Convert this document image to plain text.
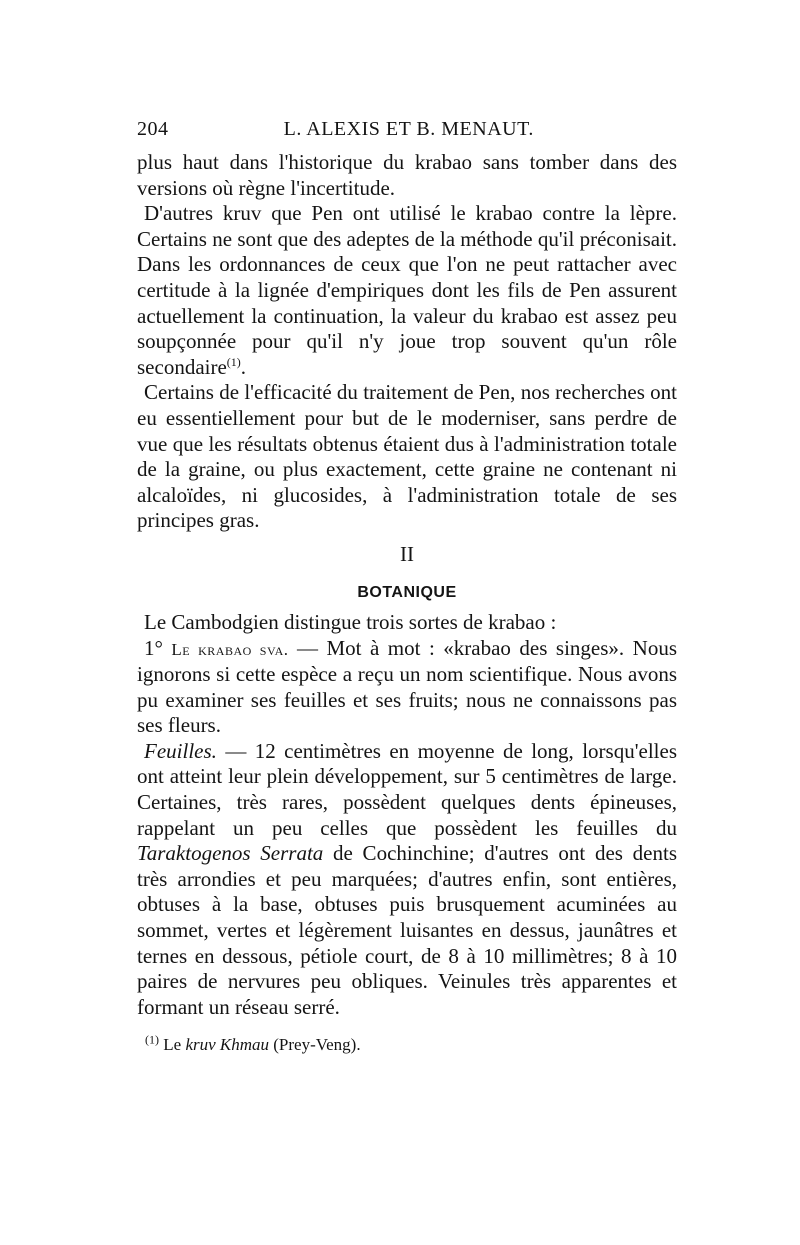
204	L. ALEXIS ET B. MENAUT.

plus haut dans l'historique du krabao sans tomber dans des versions où règne l'incertitude.

D'autres kruv que Pen ont utilisé le krabao contre la lèpre. Certains ne sont que des adeptes de la méthode qu'il préconisait. Dans les ordonnances de ceux que l'on ne peut rattacher avec certitude à la lignée d'empiriques dont les fils de Pen assurent actuellement la continuation, la valeur du krabao est assez peu soupçonnée pour qu'il n'y joue trop souvent qu'un rôle secondaire$^{(1)}$.

Certains de l'efficacité du traitement de Pen, nos recherches ont eu essentiellement pour but de le moderniser, sans perdre de vue que les résultats obtenus étaient dus à l'administration totale de la graine, ou plus exactement, cette graine ne contenant ni alcaloïdes, ni glucosides, à l'administration totale de ses principes gras.

II
BOTANIQUE

Le Cambodgien distingue trois sortes de krabao :

1° Le krabao sva. — Mot à mot : «krabao des singes». Nous ignorons si cette espèce a reçu un nom scientifique. Nous avons pu examiner ses feuilles et ses fruits; nous ne connaissons pas ses fleurs.

Feuilles. — 12 centimètres en moyenne de long, lorsqu'elles ont atteint leur plein développement, sur 5 centimètres de large. Certaines, très rares, possèdent quelques dents épineuses, rappelant un peu celles que possèdent les feuilles du Taraktogenos Serrata de Cochinchine; d'autres ont des dents très arrondies et peu marquées; d'autres enfin, sont entières, obtuses à la base, obtuses puis brusquement acuminées au sommet, vertes et légèrement luisantes en dessus, jaunâtres et ternes en dessous, pétiole court, de 8 à 10 millimètres; 8 à 10 paires de nervures peu obliques. Veinules très apparentes et formant un réseau serré.

$^{(1)}$ Le kruv Khmau (Prey-Veng).
